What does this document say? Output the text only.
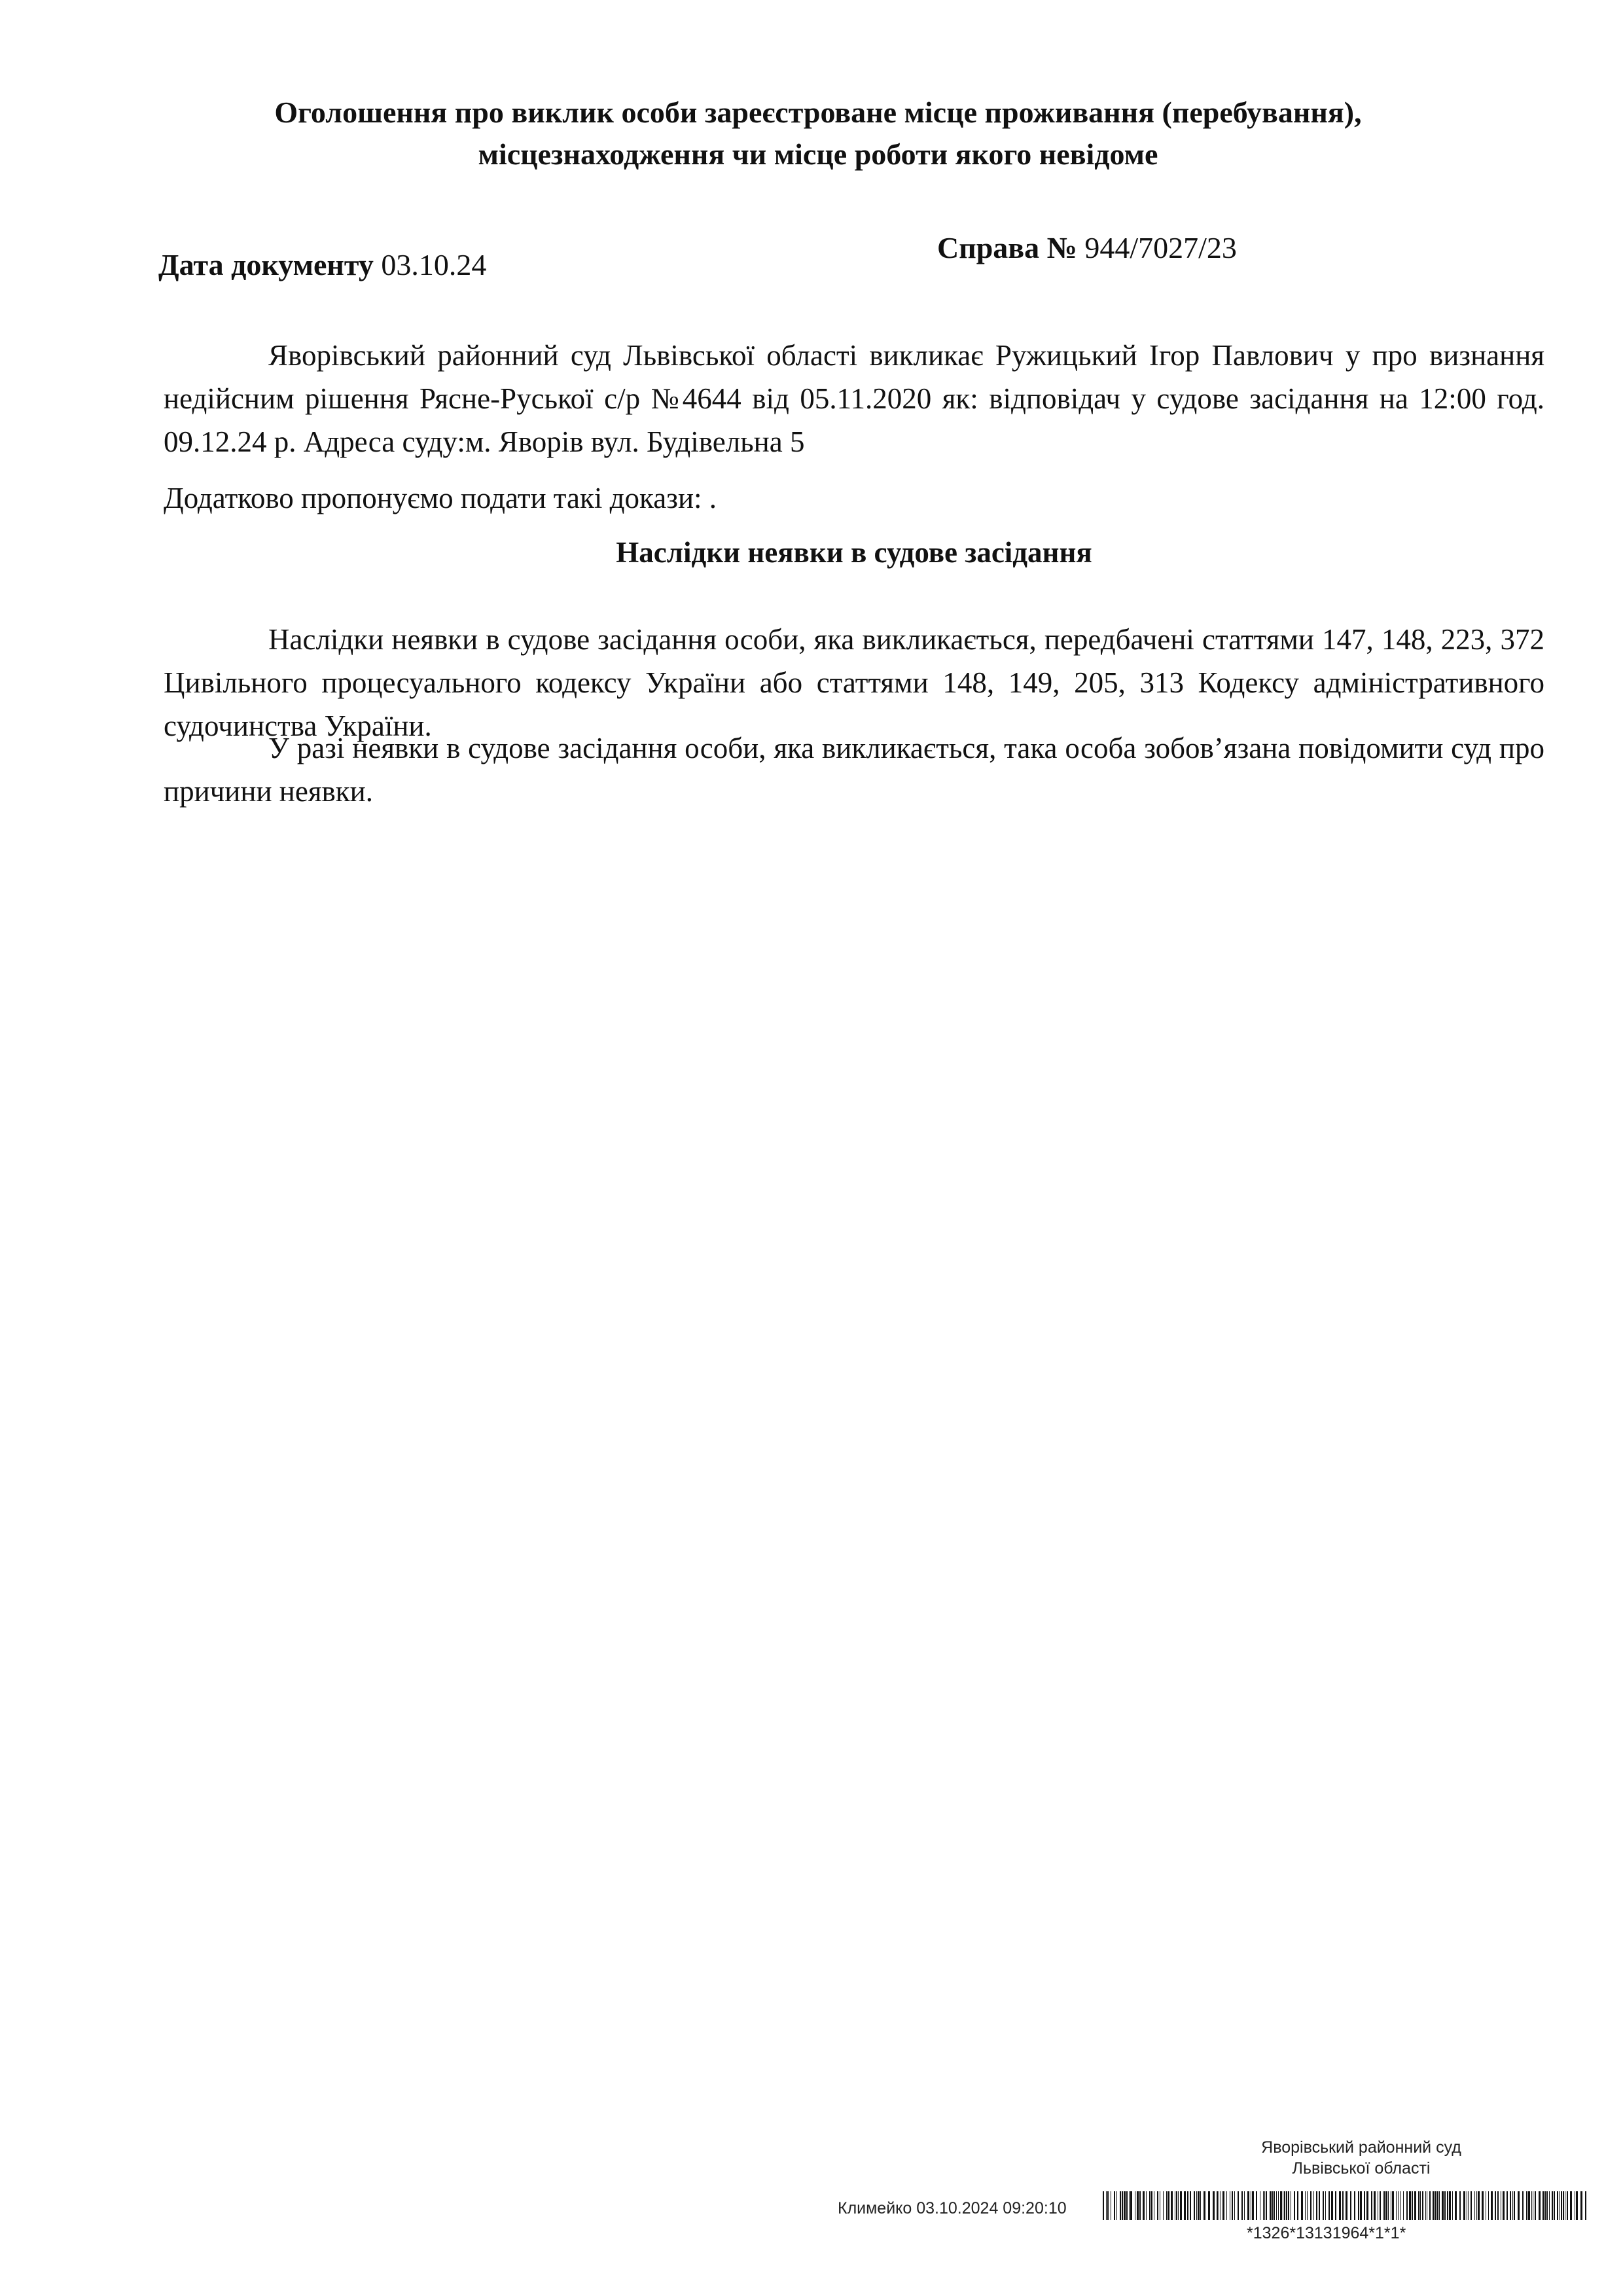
Оголошення про виклик особи зареєстроване місце проживання (перебування),
місцезнаходження чи місце роботи якого невідоме
Дата документу 03.10.24
Справа № 944/7027/23
Яворівський районний суд Львівської області викликає Ружицький Ігор Павлович у про визнання недійсним рішення Рясне-Руської с/р №4644 від 05.11.2020 як: відповідач у судове засідання на 12:00 год. 09.12.24 р. Адреса суду:м. Яворів вул. Будівельна 5
Додатково пропонуємо подати такі докази: .
Наслідки неявки в судове засідання
Наслідки неявки в судове засідання особи, яка викликається, передбачені статтями 147, 148, 223, 372 Цивільного процесуального кодексу України або статтями 148, 149, 205, 313 Кодексу адміністративного судочинства України.
У разі неявки в судове засідання особи, яка викликається, така особа зобов’язана повідомити суд про причини неявки.
Яворівський районний суд
Львівської області
Климейко 03.10.2024 09:20:10
*1326*13131964*1*1*
